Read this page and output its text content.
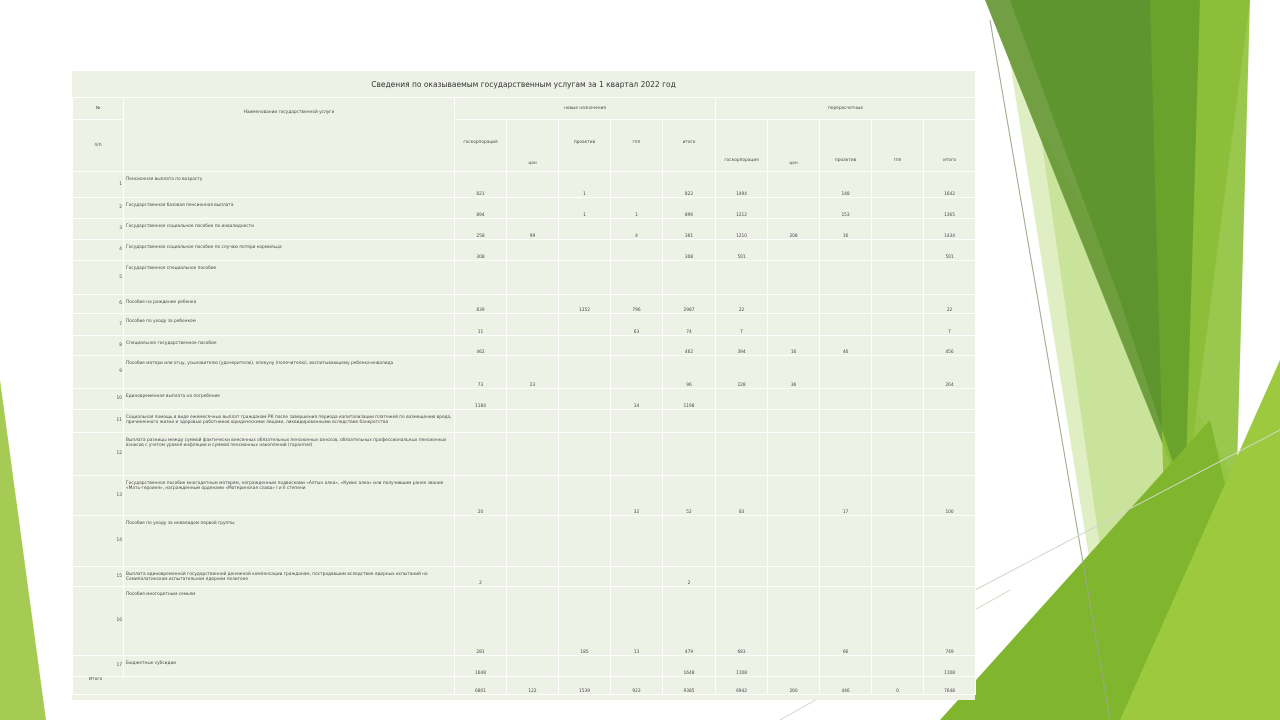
Сведения по оказываемым государственным услугам за 1 квартал 2022 год
№	Наименовании государственной услуги	новые назначения					перерасчетные				
п/п		госкорпорация	цон	проактив	гпп	итого	госкорпорация	цон	проактив	гпп	итого

1	Пенсионная выплата по возрасту	821		1		822	1494		148		1642
2	Государственная базовая пенсионная выплата	894		1	1	896	1212		153		1365
3	Государственное социальное пособие по инвалидности	258	99		4	361	1210	208	16		1434
4	Государственное социальное пособие по случаю потери кормильца	308				308	501				501
5	Государственное специальное пособие										
6	Пособие на рождение ребенка	839		1352	796	2987	22				22
7	Пособие по уходу за ребенком	11			63	74	7				7
8	Специальное государственное пособие	462				462	394	16	46		456
9	Пособие матери или отцу, усыновителю (удочерителю), опекуну (попечителю), воспитывающему ребенка-инвалида	73	23			96	228	36			264
10	Единовременная выплата на погребение	1184			14	1198					
11	Социальная помощь в виде ежемесячных выплат гражданам РК после завершения периода капитализации платежей по возмещению вреда, причиненного жизни и здоровью работников юридическими лицами, ликвидированными вследствие банкротства										
12	Выплата разницы между суммой фактически внесенных обязательных пенсионных взносов, обязательных профессиональных пенсионных взносов с учетом уровня инфляции и суммой пенсионных накоплений (гарантия)										
13	Государственное пособие многодетным матерям, награжденным подвесками «Алтын алка», «Кумис алка» или получившим ранее звание «Мать-героиня», награжденным орденами «Материнская слава» I и II степени	20			32	52	83		17		100
14	Пособие по уходу за инвалидом первой группы										
15	Выплата единовременной государственной денежной компенсации гражданам, пострадавшим вследствие ядерных испытаний на Семипалатинском испытательном ядерном полигоне	2				2					
16	Пособия многодетным семьям	281		185	13	479	683		66		749
17	Бюджетные субсидии	1648				1648	1108				1108
Итого		6801	122	1539	923	9385	6942	260	446	0	7648
